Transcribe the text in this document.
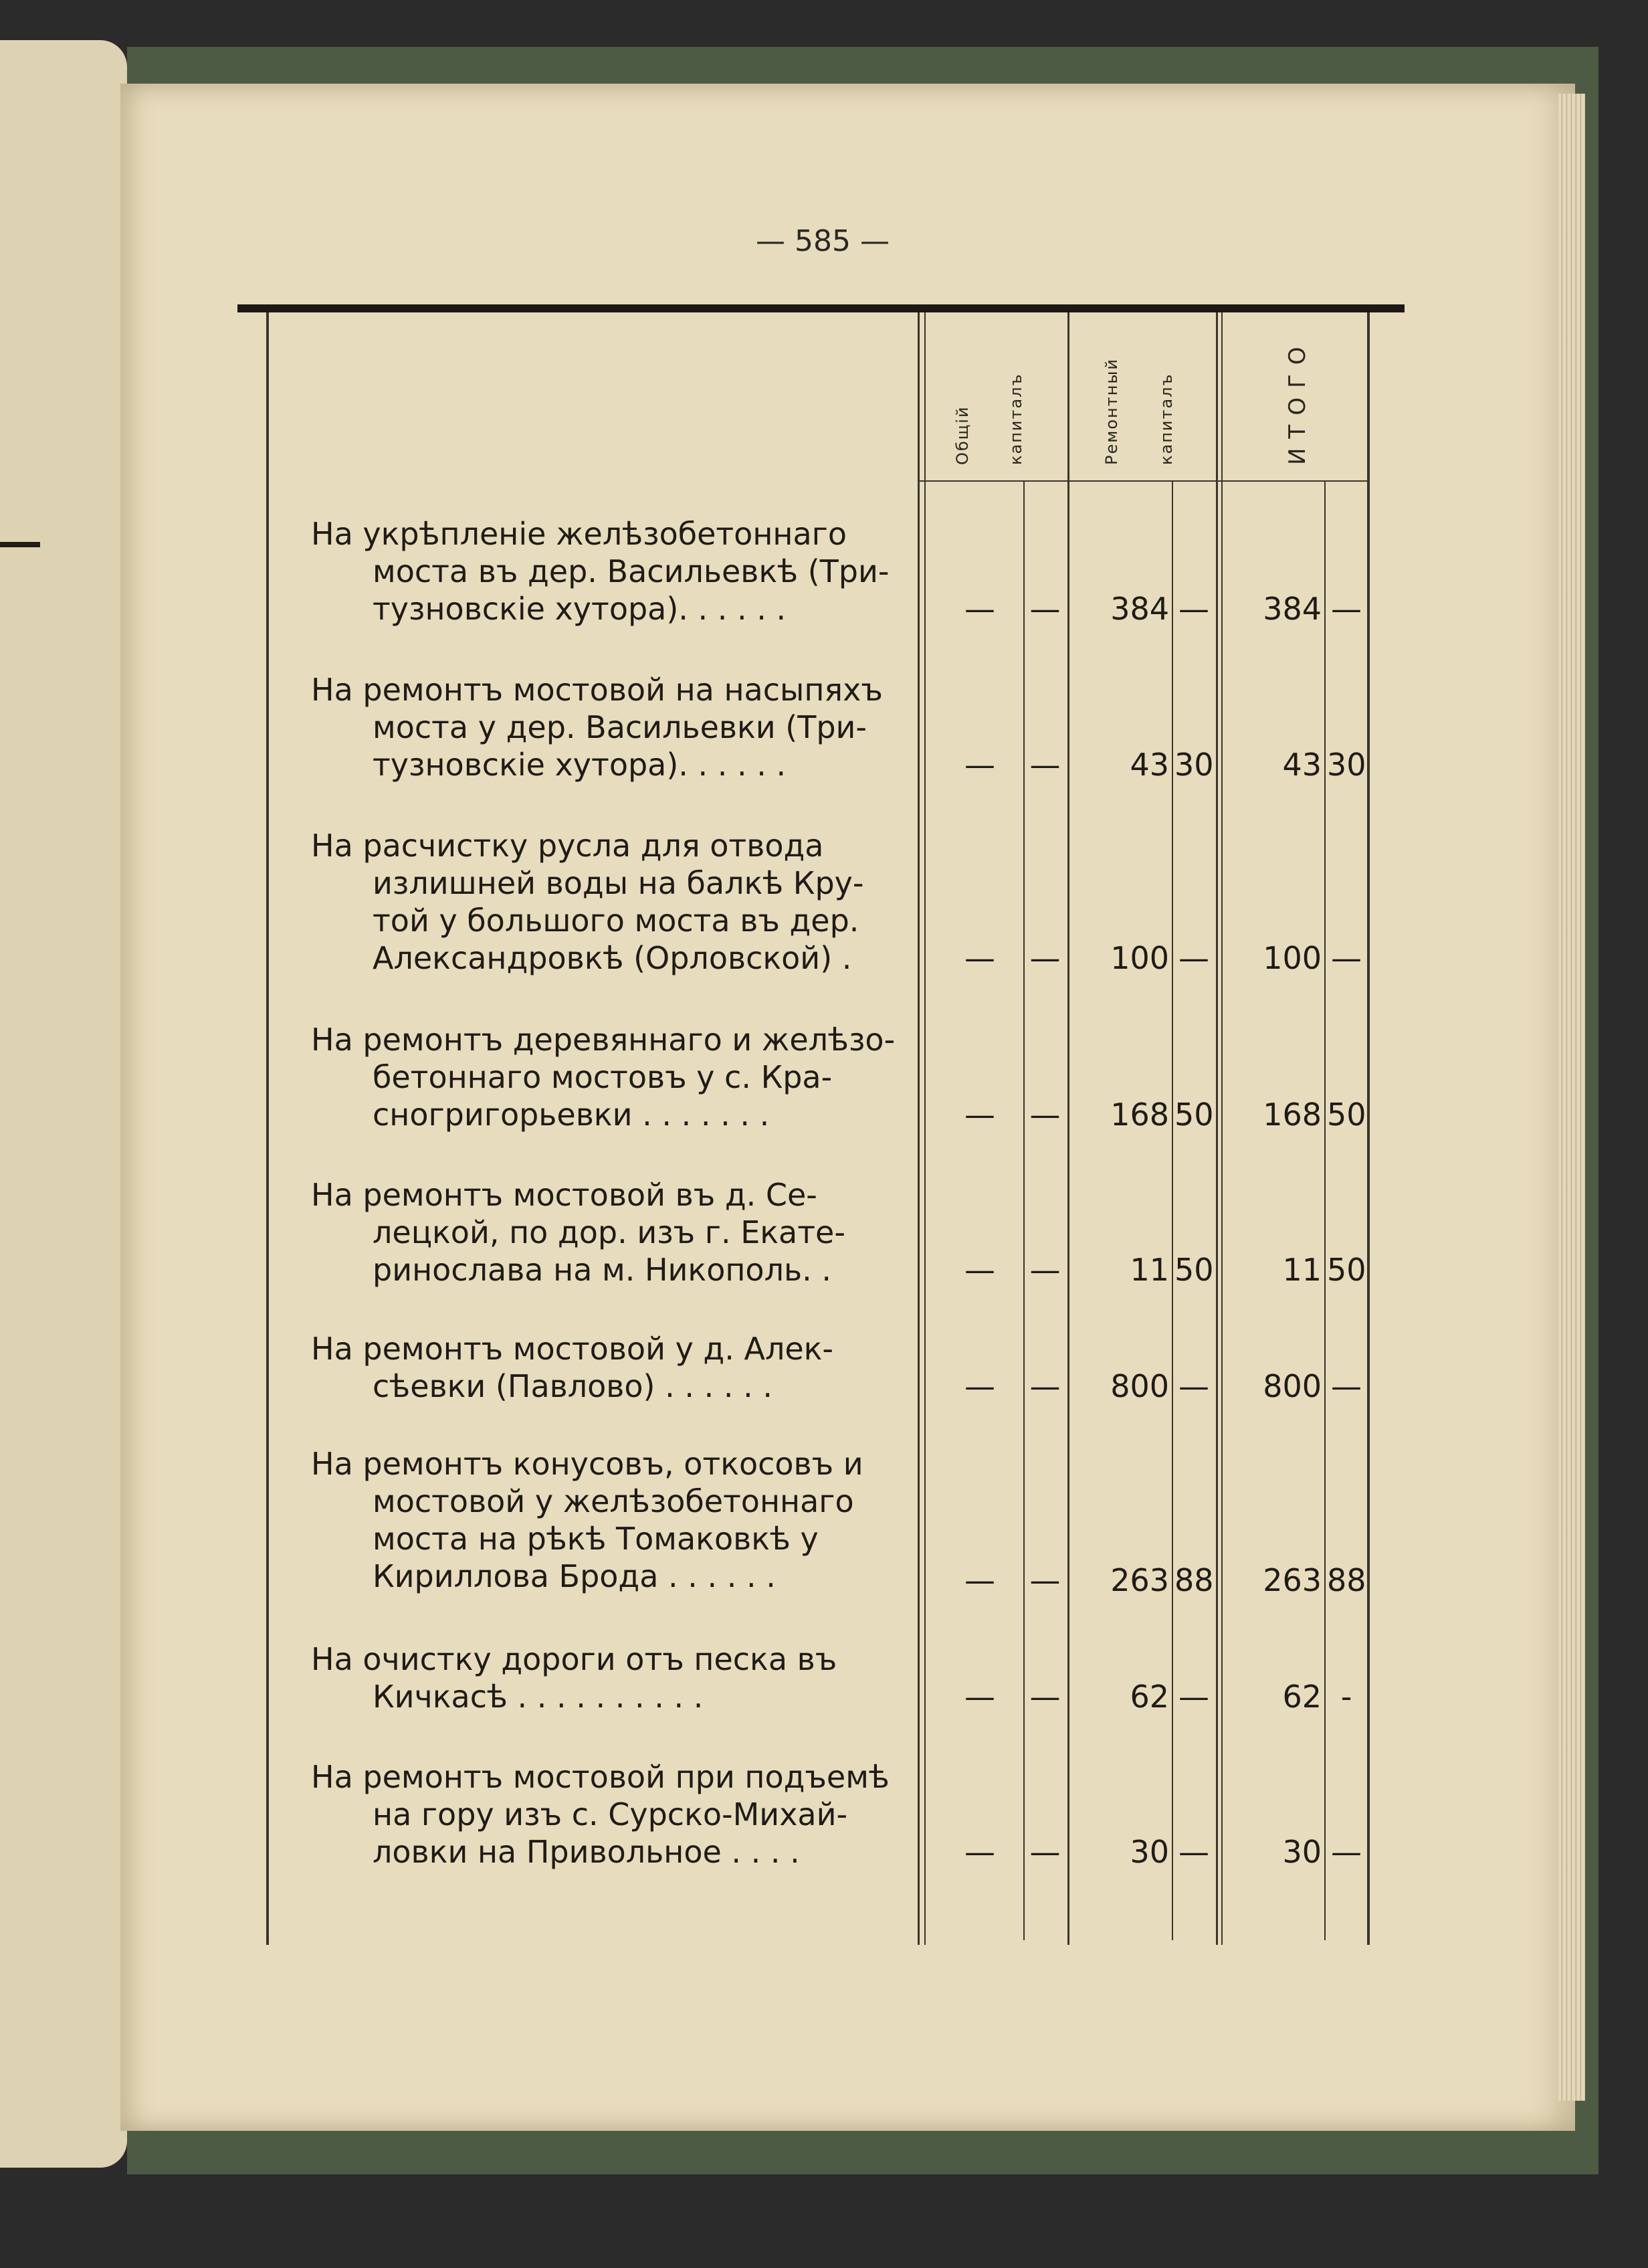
— 585 —
Общій капиталъ	Ремонтный капиталъ	ИТОГО
На укрѣпленіе желѣзобетоннаго
моста въ дер. Васильевкѣ (Три-
тузновскіе хутора). . . . . .	— —	384 —	384 —
На ремонтъ мостовой на насыпяхъ
моста у дер. Васильевки (Три-
тузновскіе хутора). . . . . .	— —	43 30	43 30
На расчистку русла для отвода
излишней воды на балкѣ Кру-
той у большого моста въ дер.
Александровкѣ (Орловской) .	— —	100 —	100 —
На ремонтъ деревяннаго и желѣзо-
бетоннаго мостовъ у с. Кра-
сногригорьевки . . . . . . .	— —	168 50	168 50
На ремонтъ мостовой въ д. Се-
лецкой, по дор. изъ г. Екате-
ринослава на м. Никополь. .	— —	11 50	11 50
На ремонтъ мостовой у д. Алек-
сѣевки (Павлово) . . . . . .	— —	800 —	800 —
На ремонтъ конусовъ, откосовъ и
мостовой у желѣзобетоннаго
моста на рѣкѣ Томаковкѣ у
Кириллова Брода . . . . . .	— —	263 88	263 88
На очистку дороги отъ песка въ
Кичкасѣ . . . . . . . . . .	— —	62 —	62 -
На ремонтъ мостовой при подъемѣ
на гору изъ с. Сурско-Михай-
ловки на Привольное . . . .	— —	30 —	30 —
